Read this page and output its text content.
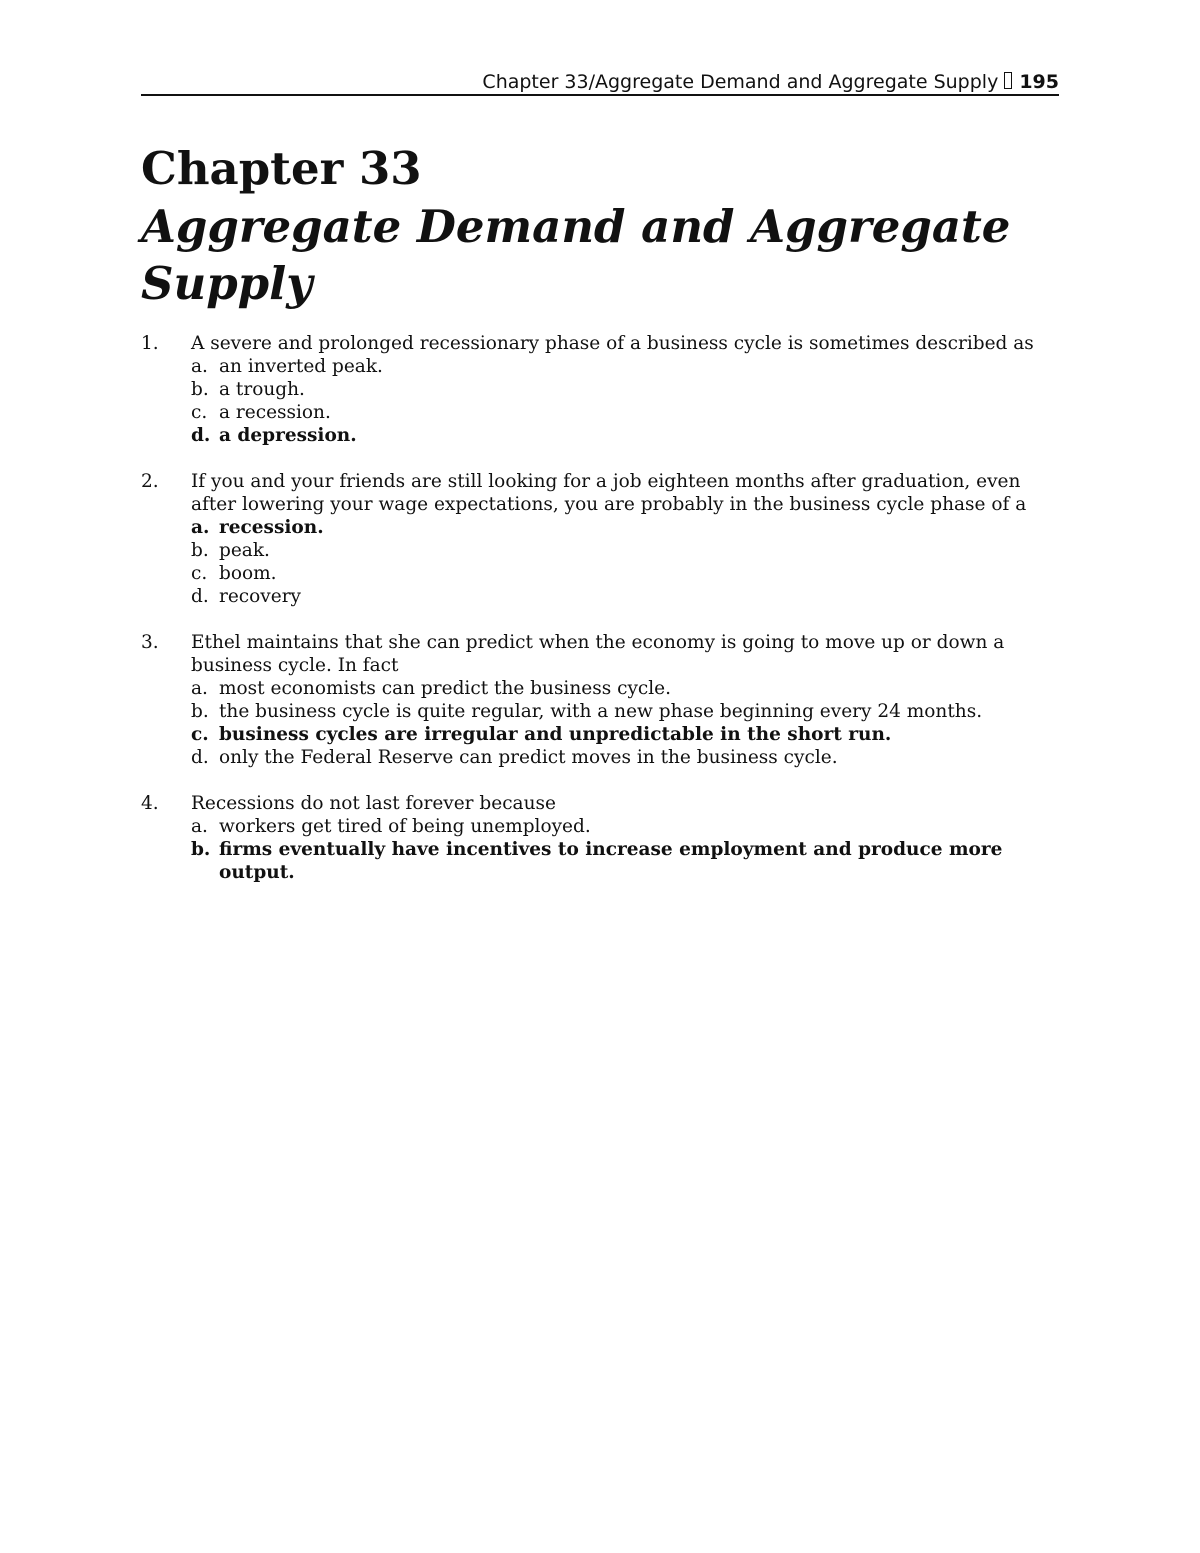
Chapter 33/Aggregate Demand and Aggregate Supply 195
Chapter 33
Aggregate Demand and Aggregate Supply
1. A severe and prolonged recessionary phase of a business cycle is sometimes described as
a. an inverted peak.
b. a trough.
c. a recession.
d. a depression.
2. If you and your friends are still looking for a job eighteen months after graduation, even after lowering your wage expectations, you are probably in the business cycle phase of a
a. recession.
b. peak.
c. boom.
d. recovery
3. Ethel maintains that she can predict when the economy is going to move up or down a business cycle. In fact
a. most economists can predict the business cycle.
b. the business cycle is quite regular, with a new phase beginning every 24 months.
c. business cycles are irregular and unpredictable in the short run.
d. only the Federal Reserve can predict moves in the business cycle.
4. Recessions do not last forever because
a. workers get tired of being unemployed.
b. firms eventually have incentives to increase employment and produce more output.
